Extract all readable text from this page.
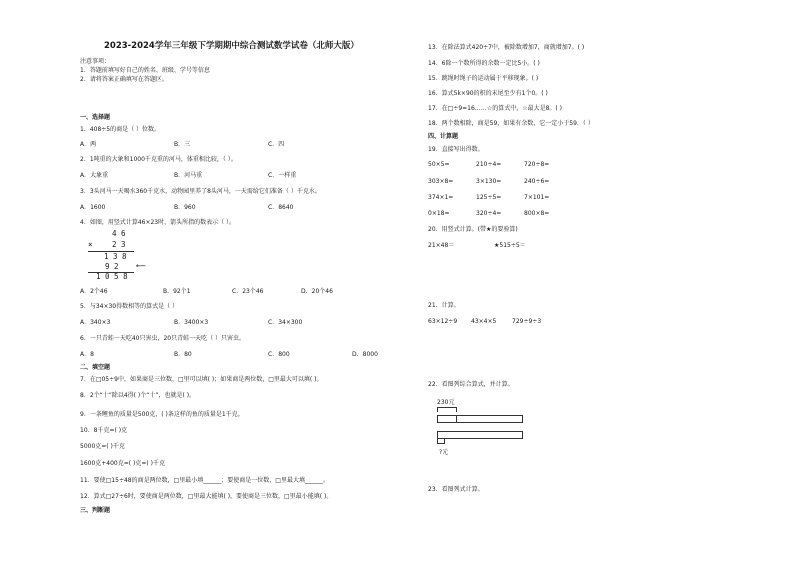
2023-2024学年三年级下学期期中综合测试数学试卷（北师大版）
注意事项：
1．答题前填写好自己的姓名、班级、学号等信息
2．请将答案正确填写在答题区。
一、选择题
1．408÷5的商是（ ）位数。
A．两	B．三	C．四
2．1吨重的大象和1000千克重的河马，体重相比较，（ ）。
A．大象重	B．河马重	C．一样重
3．3头河马一天喝水360千克水，动物园里养了8头河马，一天需给它们准备（ ）千克水。
A．1600	B．960	C．8640
4．如图，用竖式计算46×23时，箭头所指的数表示（ ）。
A．2个46	B．92个1	C．23个46	D．20个46
5．与34×30得数相等的算式是（ ）
A．340×3	B．3400×3	C．34×300
6．一只青蛙一天吃40只害虫，20只青蛙一天吃（ ）只害虫。
A．8	B．80	C．800	D．8000
二、填空题
7．在□05÷9中，如果商是三位数，□里可以填( )；如果商是两位数，□里最大可以填( )。
8．2个“十”除以4得( )个“十”，也就是( )。
9．一条鲤鱼的质量是500克，( )条这样的鱼的质量是1千克。
10．8千克=( )克
5000克=( )千克
1600克+400克=( )克=( )千克
11．要使□15÷48的商是两位数，□里最小填______；要使商是一位数，□里最大填______。
12．算式□27÷6时，要使商是两位数，□里最大能填( )，要使商是三位数，□里最小能填( )。
三、判断题
13．在除法算式420÷7中，被除数增加7，商就增加7。( )
14．6除一个数所得的余数一定比5小。( )
15．跳绳时绳子的运动属于平移现象。( )
16．算式5k×90的积的末尾至少有1个0。( )
17．在□÷9=16……☆的算式中，☆最大是8。( )
18．两个数相除，商是59，如果有余数，它一定小于59．（ ）
四、计算题
19．直接写出得数。
50×5=	210÷4=	720÷8=
303×8=	3×130=	240÷6=
374×1=	125÷5=	7×101=
0×18=	320÷4=	800×8=
20．用竖式计算。(带★的要验算)
21×48＝	★515÷5＝
21．计算。
63×12÷9 43×4×5	729÷9÷3
22．看图列综合算式，并计算。
23．看图列式计算。
4 6
×	2 3
1 3 8
9 2 ⟵
1 0 5 8
230元
?元
